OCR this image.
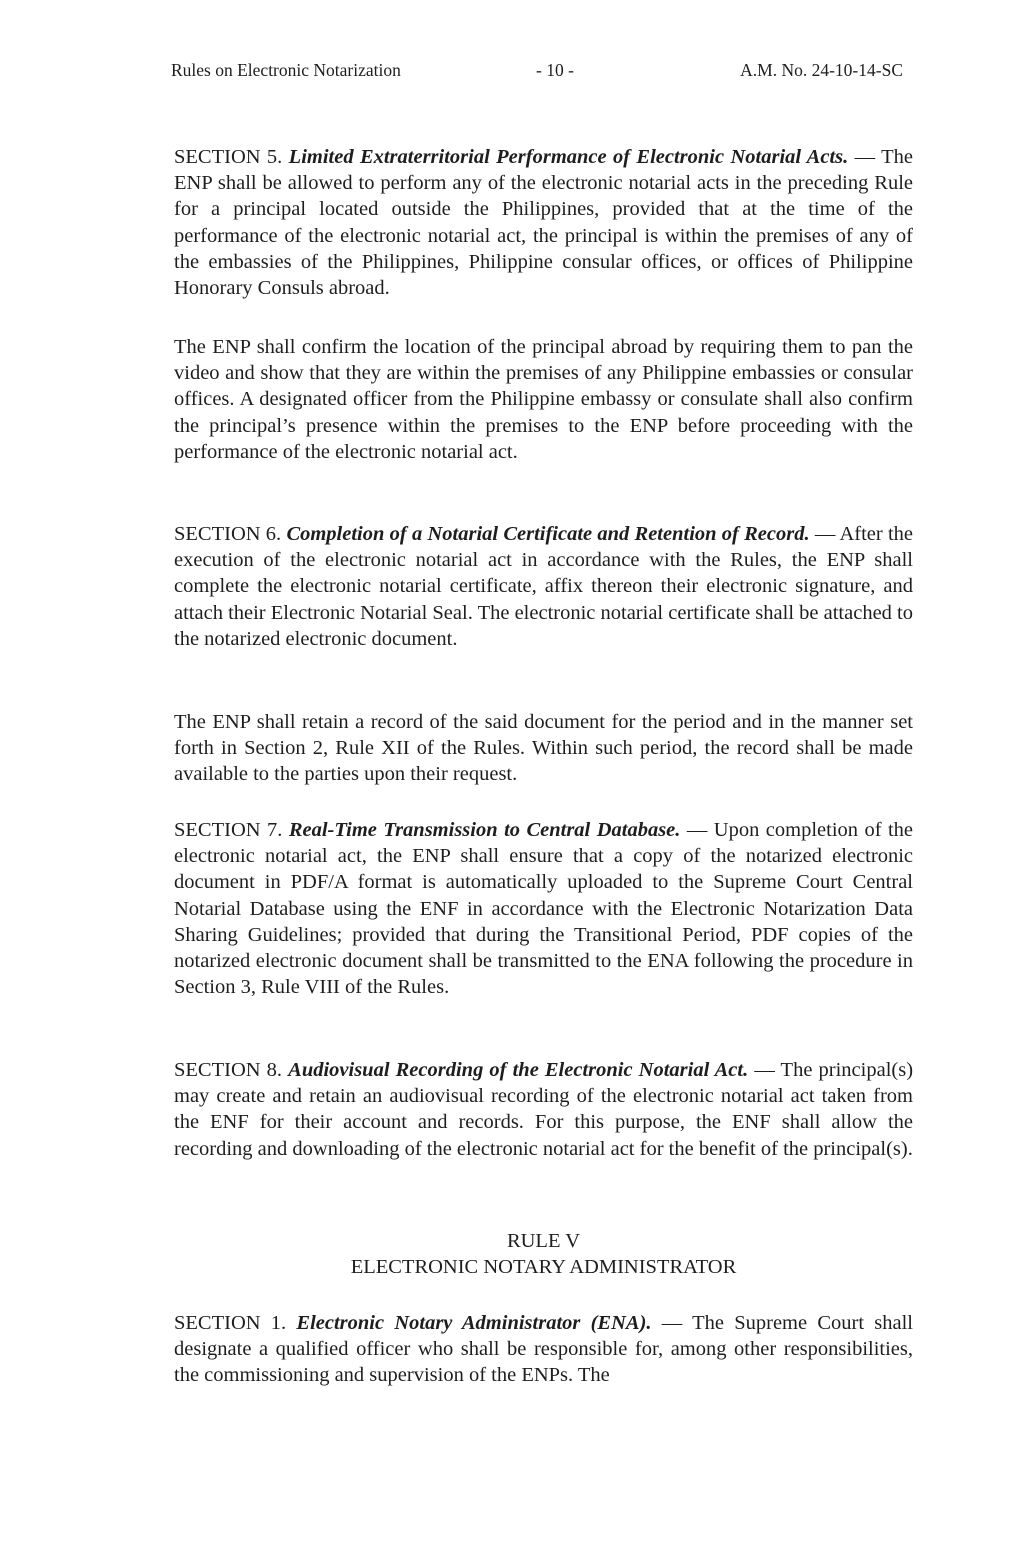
Rules on Electronic Notarization	- 10 -	A.M. No. 24-10-14-SC

SECTION 5. Limited Extraterritorial Performance of Electronic Notarial Acts. — The ENP shall be allowed to perform any of the electronic notarial acts in the preceding Rule for a principal located outside the Philippines, provided that at the time of the performance of the electronic notarial act, the principal is within the premises of any of the embassies of the Philippines, Philippine consular offices, or offices of Philippine Honorary Consuls abroad.

The ENP shall confirm the location of the principal abroad by requiring them to pan the video and show that they are within the premises of any Philippine embassies or consular offices. A designated officer from the Philippine embassy or consulate shall also confirm the principal’s presence within the premises to the ENP before proceeding with the performance of the electronic notarial act.

SECTION 6. Completion of a Notarial Certificate and Retention of Record. — After the execution of the electronic notarial act in accordance with the Rules, the ENP shall complete the electronic notarial certificate, affix thereon their electronic signature, and attach their Electronic Notarial Seal. The electronic notarial certificate shall be attached to the notarized electronic document.

The ENP shall retain a record of the said document for the period and in the manner set forth in Section 2, Rule XII of the Rules. Within such period, the record shall be made available to the parties upon their request.

SECTION 7. Real-Time Transmission to Central Database. — Upon completion of the electronic notarial act, the ENP shall ensure that a copy of the notarized electronic document in PDF/A format is automatically uploaded to the Supreme Court Central Notarial Database using the ENF in accordance with the Electronic Notarization Data Sharing Guidelines; provided that during the Transitional Period, PDF copies of the notarized electronic document shall be transmitted to the ENA following the procedure in Section 3, Rule VIII of the Rules.

SECTION 8. Audiovisual Recording of the Electronic Notarial Act. — The principal(s) may create and retain an audiovisual recording of the electronic notarial act taken from the ENF for their account and records. For this purpose, the ENF shall allow the recording and downloading of the electronic notarial act for the benefit of the principal(s).

RULE V

ELECTRONIC NOTARY ADMINISTRATOR

SECTION 1. Electronic Notary Administrator (ENA). — The Supreme Court shall designate a qualified officer who shall be responsible for, among other responsibilities, the commissioning and supervision of the ENPs. The
